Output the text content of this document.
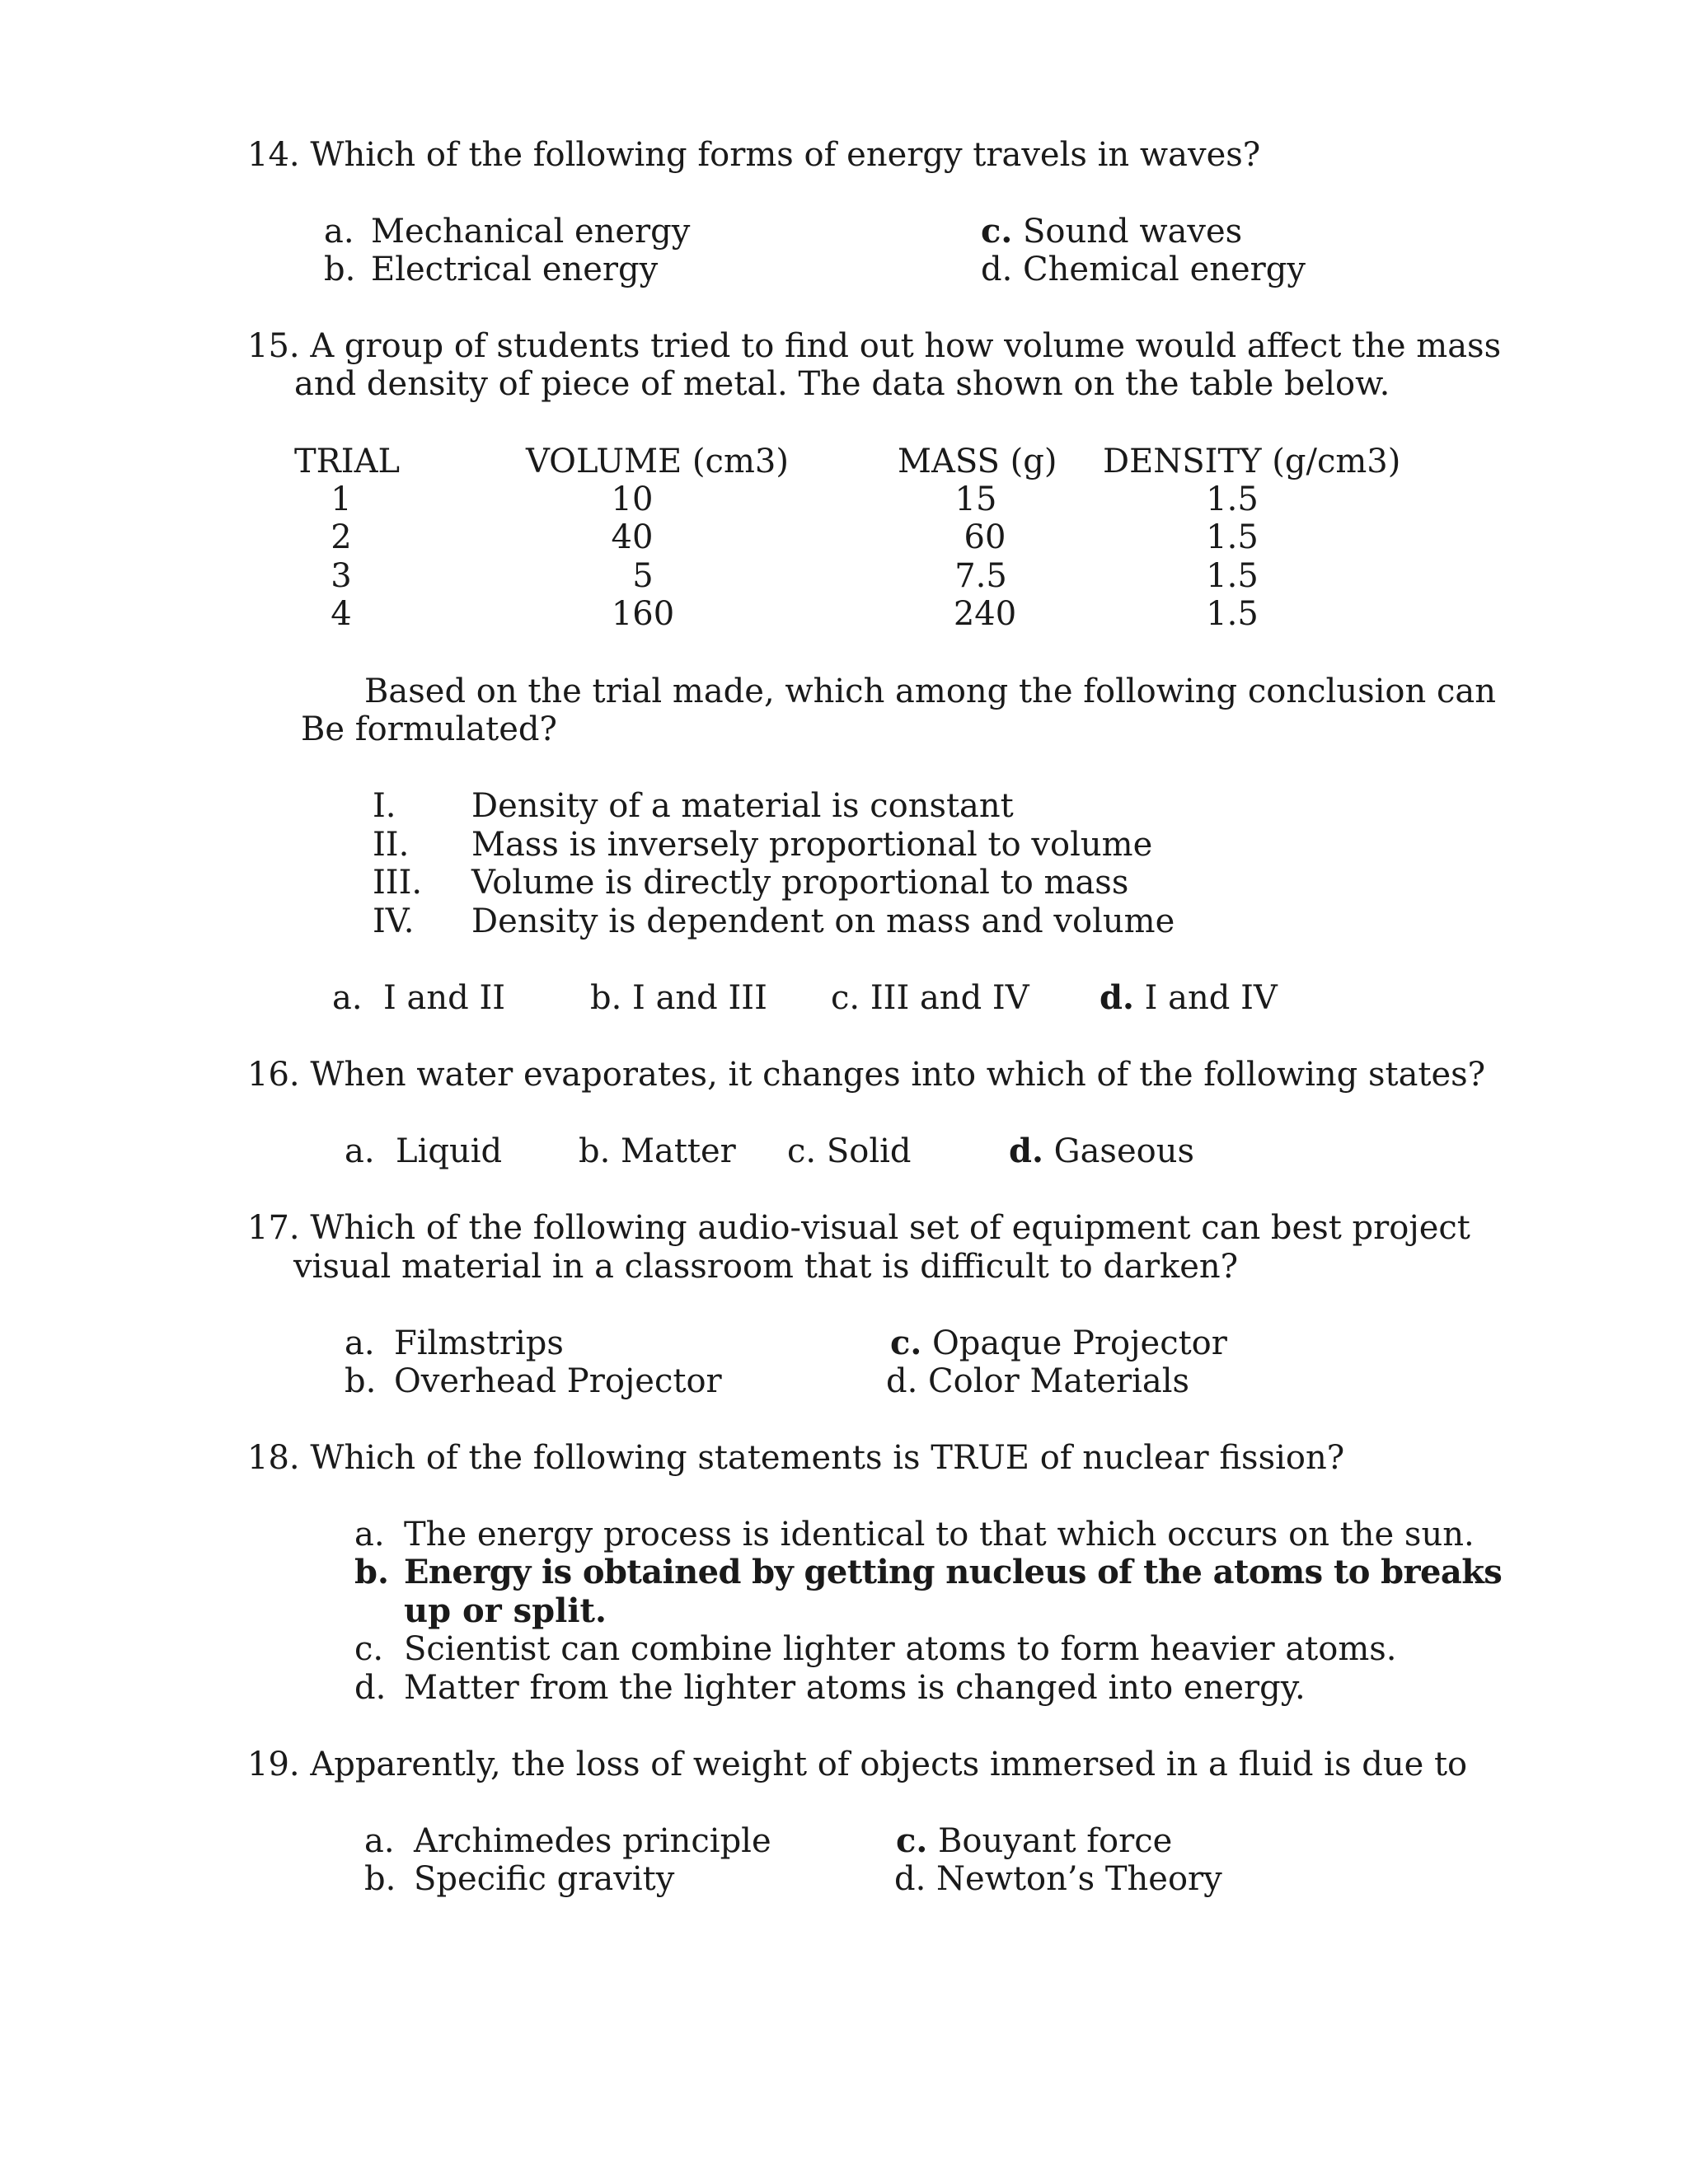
14. Which of the following forms of energy travels in waves?
a. Mechanical energy	c. Sound waves
b. Electrical energy	d. Chemical energy
15. A group of students tried to find out how volume would affect the mass
and density of piece of metal. The data shown on the table below.
TRIAL	VOLUME (cm3)	MASS (g) DENSITY (g/cm3)
1	10	15	1.5
2	40	60	1.5
3	5	7.5	1.5
4	160	240	1.5
Based on the trial made, which among the following conclusion can
Be formulated?
I. Density of a material is constant
II. Mass is inversely proportional to volume
III. Volume is directly proportional to mass
IV. Density is dependent on mass and volume
a. I and II	b. I and III c. III and IV d. I and IV
16. When water evaporates, it changes into which of the following states?
a. Liquid b. Matter c. Solid	d. Gaseous
17. Which of the following audio-visual set of equipment can best project
visual material in a classroom that is difficult to darken?
a. Filmstrips	c. Opaque Projector
b. Overhead Projector	d. Color Materials
18. Which of the following statements is TRUE of nuclear fission?
a. The energy process is identical to that which occurs on the sun.
b. Energy is obtained by getting nucleus of the atoms to breaks
up or split.
c. Scientist can combine lighter atoms to form heavier atoms.
d. Matter from the lighter atoms is changed into energy.
19. Apparently, the loss of weight of objects immersed in a fluid is due to
a. Archimedes principle	c. Bouyant force
b. Specific gravity	d. Newton’s Theory
